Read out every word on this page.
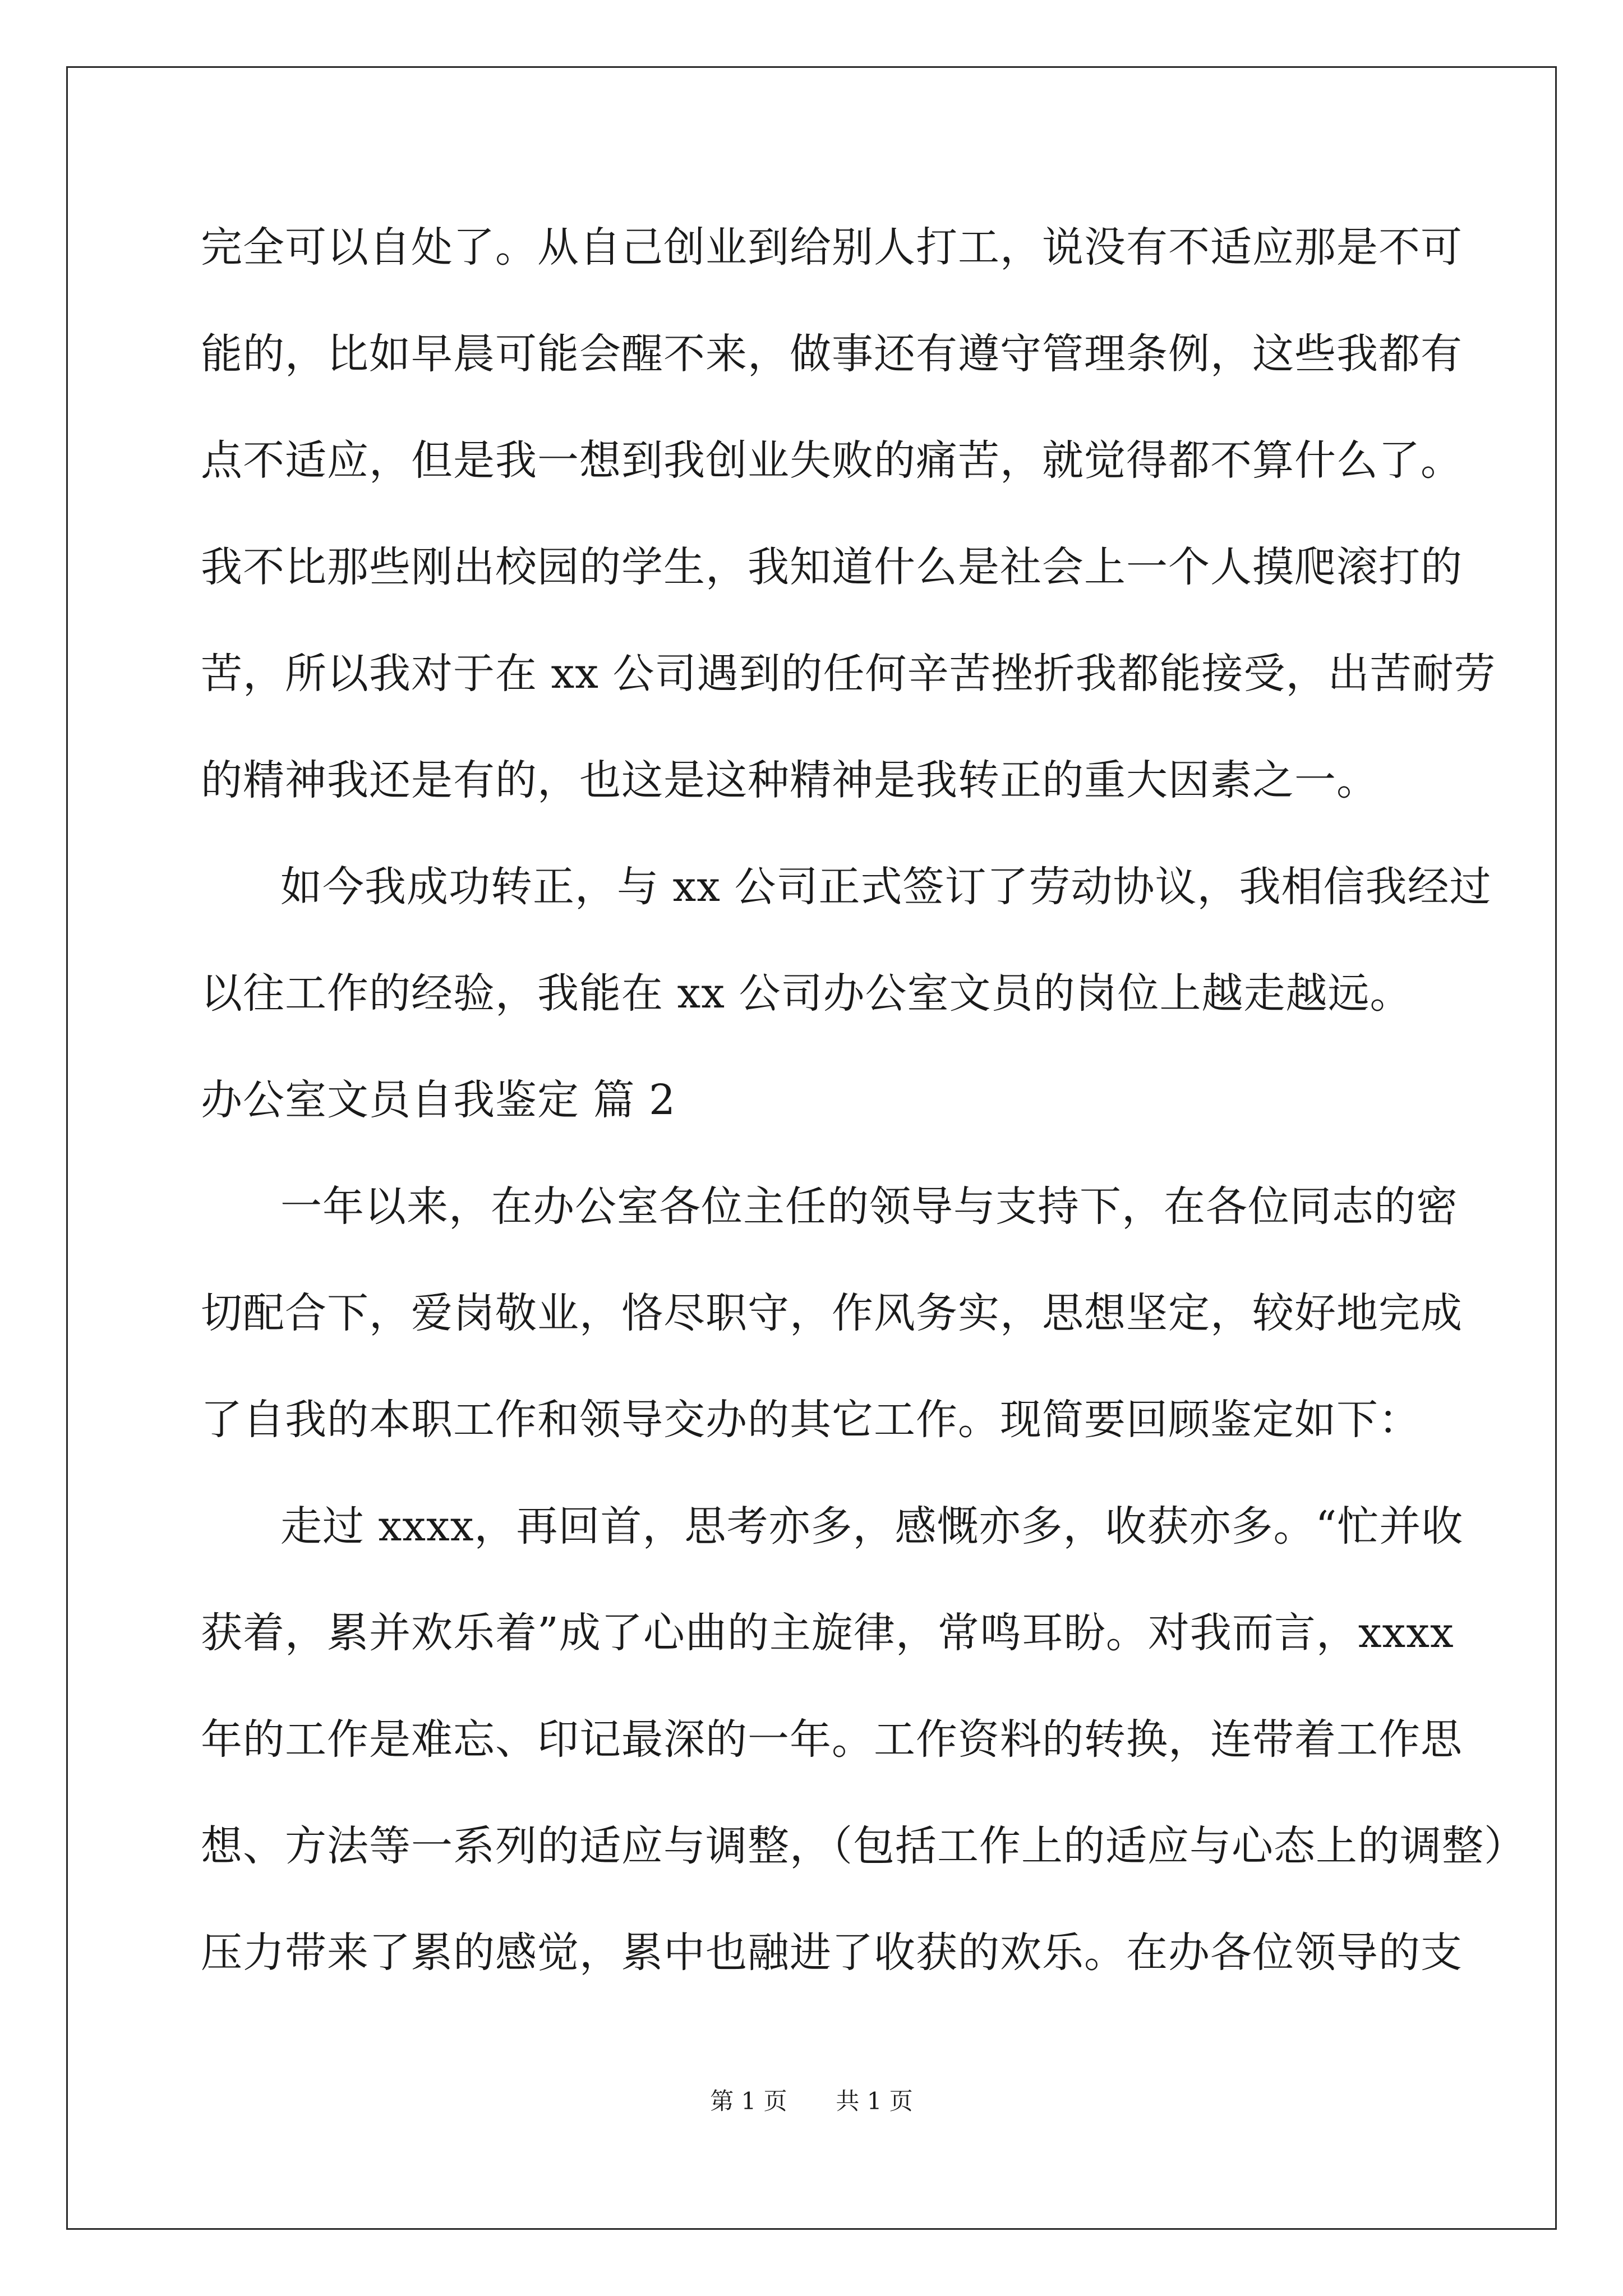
完全可以自处了。从自己创业到给别人打工，说没有不适应那是不可
能的，比如早晨可能会醒不来，做事还有遵守管理条例，这些我都有
点不适应，但是我一想到我创业失败的痛苦，就觉得都不算什么了。
我不比那些刚出校园的学生，我知道什么是社会上一个人摸爬滚打的
苦，所以我对于在 xx 公司遇到的任何辛苦挫折我都能接受，出苦耐劳
的精神我还是有的，也这是这种精神是我转正的重大因素之一。
如今我成功转正，与 xx 公司正式签订了劳动协议，我相信我经过
以往工作的经验，我能在 xx 公司办公室文员的岗位上越走越远。
办公室文员自我鉴定 篇 2
一年以来，在办公室各位主任的领导与支持下，在各位同志的密
切配合下，爱岗敬业，恪尽职守，作风务实，思想坚定，较好地完成
了自我的本职工作和领导交办的其它工作。现简要回顾鉴定如下：
走过 xxxx，再回首，思考亦多，感慨亦多，收获亦多。“忙并收
获着，累并欢乐着”成了心曲的主旋律，常鸣耳盼。对我而言，xxxx
年的工作是难忘、印记最深的一年。工作资料的转换，连带着工作思
想、方法等一系列的适应与调整，（包括工作上的适应与心态上的调整）
压力带来了累的感觉，累中也融进了收获的欢乐。在办各位领导的支
第 1 页 共 1 页
